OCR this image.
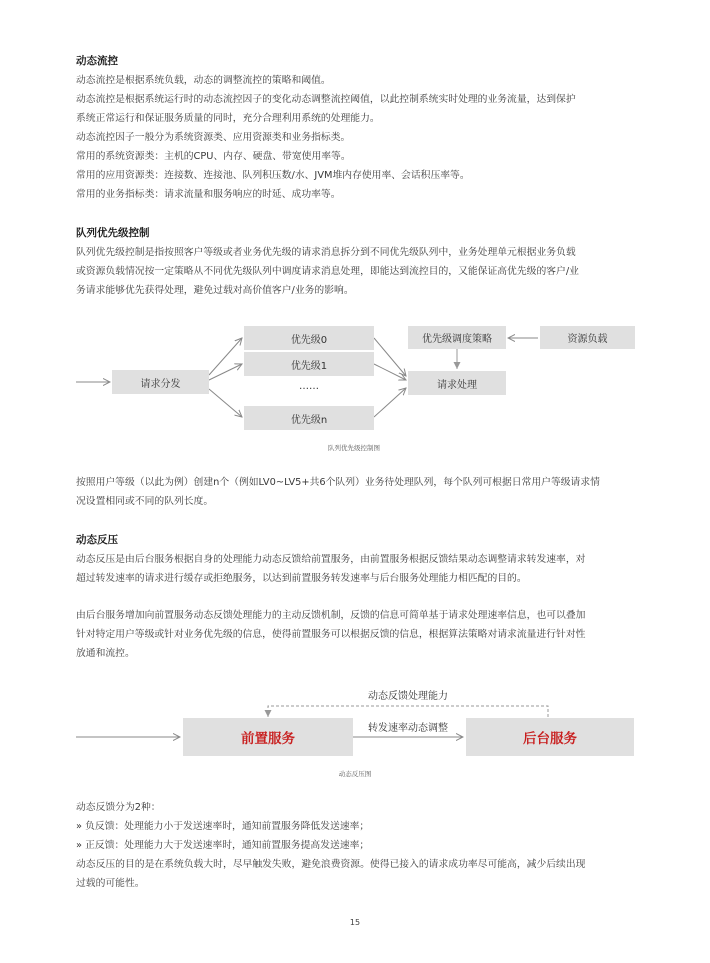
动态流控
动态流控是根据系统负载，动态的调整流控的策略和阈值。
动态流控是根据系统运行时的动态流控因子的变化动态调整流控阈值，以此控制系统实时处理的业务流量，达到保护
系统正常运行和保证服务质量的同时，充分合理利用系统的处理能力。
动态流控因子一般分为系统资源类、应用资源类和业务指标类。
常用的系统资源类：主机的CPU、内存、硬盘、带宽使用率等。
常用的应用资源类：连接数、连接池、队列积压数/水、JVM堆内存使用率、会话积压率等。
常用的业务指标类：请求流量和服务响应的时延、成功率等。
队列优先级控制
队列优先级控制是指按照客户等级或者业务优先级的请求消息拆分到不同优先级队列中，业务处理单元根据业务负载
或资源负载情况按一定策略从不同优先级队列中调度请求消息处理，即能达到流控目的，又能保证高优先级的客户/业
务请求能够优先获得处理，避免过载对高价值客户/业务的影响。
请求分发
优先级0
优先级1
……
优先级n
优先级调度策略	资源负载
请求处理
队列优先级控制图
按照用户等级（以此为例）创建n个（例如LV0~LV5+共6个队列）业务待处理队列，每个队列可根据日常用户等级请求情
况设置相同或不同的队列长度。
动态反压
动态反压是由后台服务根据自身的处理能力动态反馈给前置服务，由前置服务根据反馈结果动态调整请求转发速率，对
超过转发速率的请求进行缓存或拒绝服务，以达到前置服务转发速率与后台服务处理能力相匹配的目的。
由后台服务增加向前置服务动态反馈处理能力的主动反馈机制，反馈的信息可简单基于请求处理速率信息，也可以叠加
针对特定用户等级或针对业务优先级的信息，使得前置服务可以根据反馈的信息，根据算法策略对请求流量进行针对性
放通和流控。
动态反馈处理能力
前置服务
转发速率动态调整
后台服务
动态反压图
动态反馈分为2种：
» 负反馈：处理能力小于发送速率时，通知前置服务降低发送速率；
» 正反馈：处理能力大于发送速率时，通知前置服务提高发送速率；
动态反压的目的是在系统负载大时，尽早触发失败，避免浪费资源。使得已接入的请求成功率尽可能高，减少后续出现
过载的可能性。
15
